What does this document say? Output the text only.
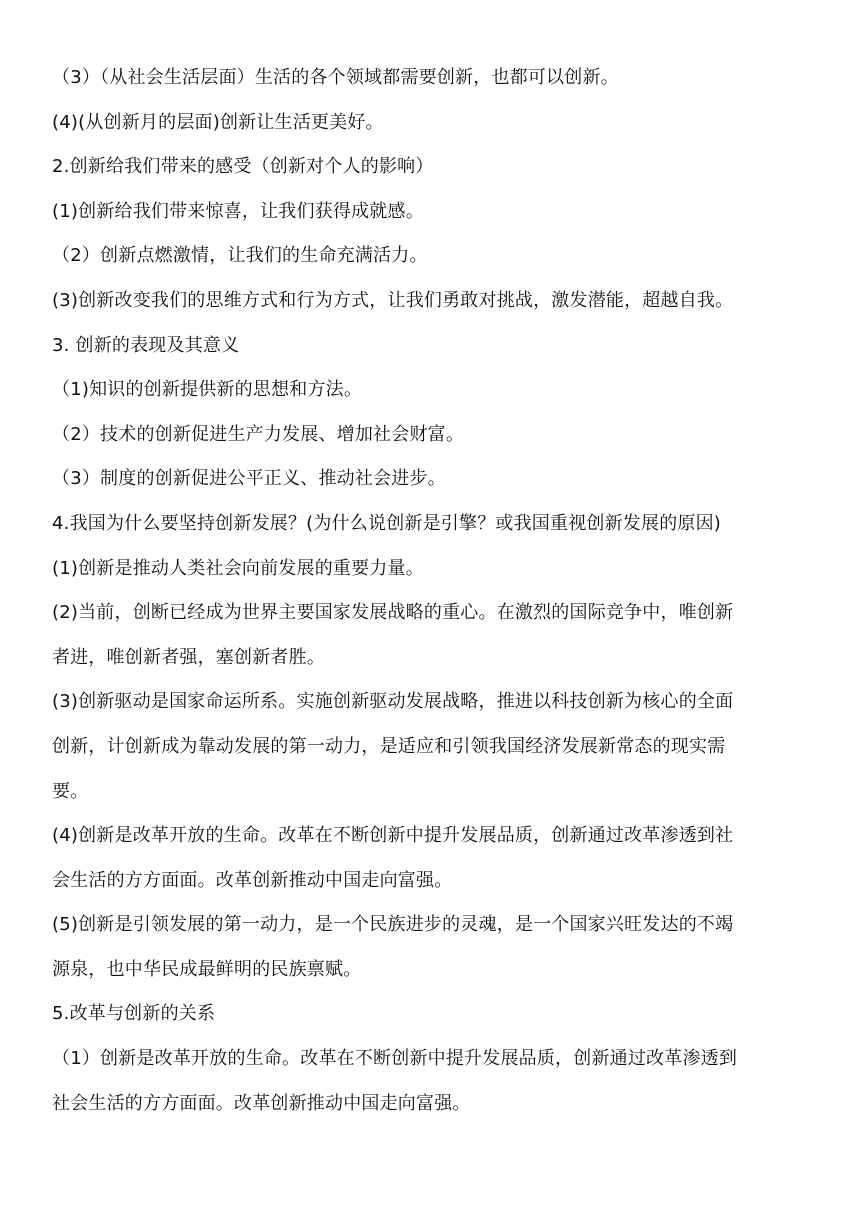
（3）（从社会生活层面）生活的各个领域都需要创新，也都可以创新。
(4)(从创新月的层面)创新让生活更美好。
2.创新给我们带来的感受（创新对个人的影响）
(1)创新给我们带来惊喜，让我们获得成就感。
（2）创新点燃激情，让我们的生命充满活力。
(3)创新改变我们的思维方式和行为方式，让我们勇敢对挑战，激发潜能，超越自我。
3. 创新的表现及其意义
（1)知识的创新提供新的思想和方法。
（2）技术的创新促进生产力发展、增加社会财富。
（3）制度的创新促进公平正义、推动社会进步。
4.我国为什么要坚持创新发展？(为什么说创新是引擎？或我国重视创新发展的原因)
(1)创新是推动人类社会向前发展的重要力量。
(2)当前，创断已经成为世界主要国家发展战略的重心。在激烈的国际竞争中，唯创新
者进，唯创新者强，塞创新者胜。
(3)创新驱动是国家命运所系。实施创新驱动发展战略，推进以科技创新为核心的全面
创新，计创新成为靠动发展的第一动力，是适应和引领我国经济发展新常态的现实需
要。
(4)创新是改革开放的生命。改革在不断创新中提升发展品质，创新通过改革渗透到社
会生活的方方面面。改革创新推动中国走向富强。
(5)创新是引领发展的第一动力，是一个民族进步的灵魂，是一个国家兴旺发达的不竭
源泉，也中华民成最鲜明的民族禀赋。
5.改革与创新的关系
（1）创新是改革开放的生命。改革在不断创新中提升发展品质，创新通过改革渗透到
社会生活的方方面面。改革创新推动中国走向富强。
